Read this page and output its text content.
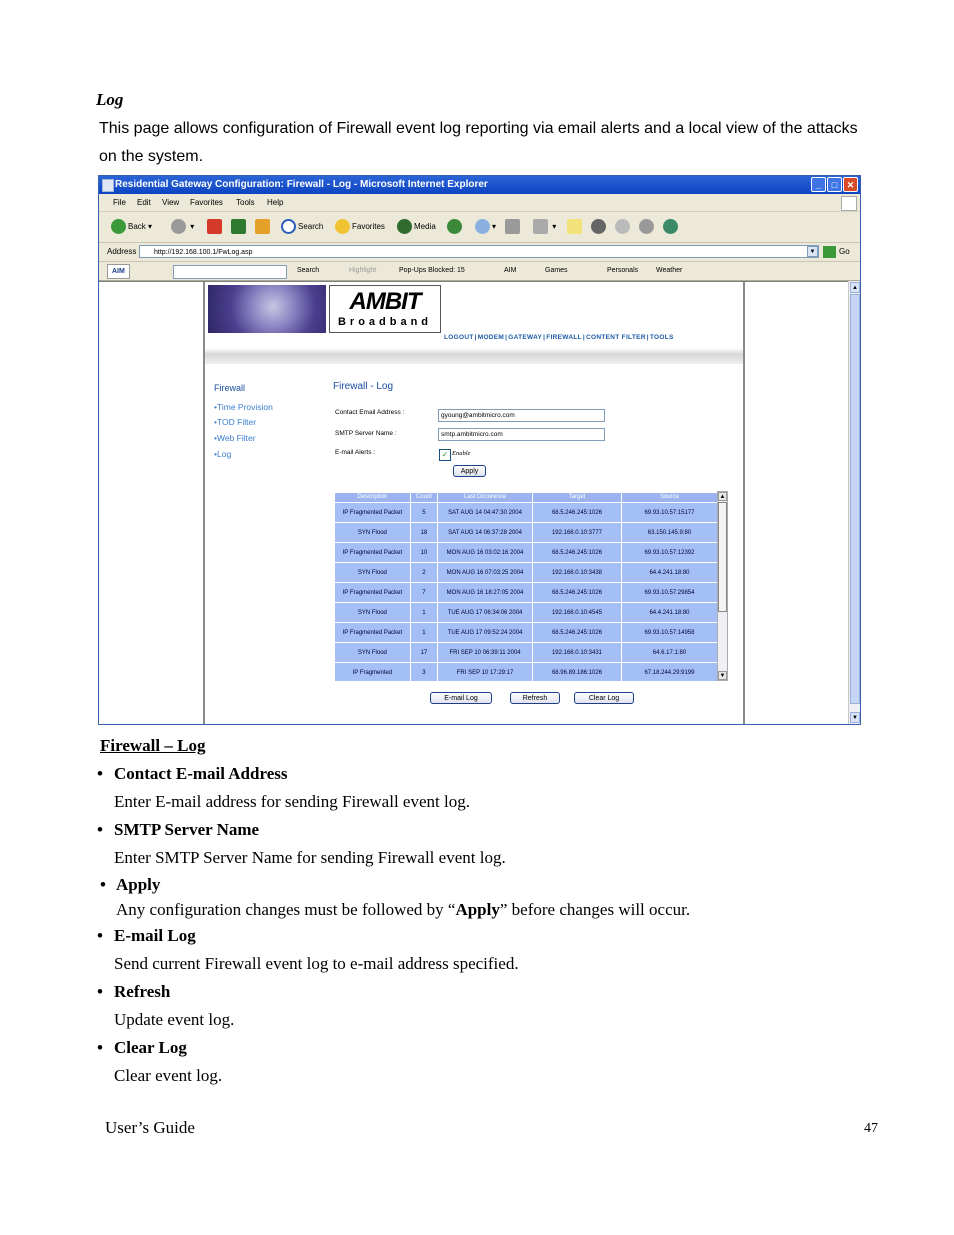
Log
This page allows configuration of Firewall event log reporting via email alerts and a local view of the attacks on the system.
Residential Gateway Configuration: Firewall - Log - Microsoft Internet Explorer	_	□	✕
File Edit View Favorites Tools Help
Back ▾	▾	Search	Favorites	Media	▾	▾
Address	http://192.168.100.1/FwLog.asp	▼	Go
AIM	Search	Highlight	Pop-Ups Blocked: 15	AIM	Games	Personals	Weather
AMBIT
Broadband
LOGOUT|MODEM|GATEWAY|FIREWALL|CONTENT FILTER|TOOLS
Firewall
•Time Provision
•TOD Filter
•Web Filter
•Log
Firewall - Log
Contact Email Address :	gyoung@ambitmicro.com
SMTP Server Name :	smtp.ambitmicro.com
E-mail Alerts :	✓ Enable
Apply
Description	Count	Last Occurence	Target	Source
IP Fragmented Packet	5	SAT AUG 14 04:47:30 2004	68.5.246.245:1026	69.93.10.57:15177
SYN Flood	18	SAT AUG 14 06:37:28 2004	192.168.0.10:3777	63.150.145.9:80
IP Fragmented Packet	10	MON AUG 16 03:02:16 2004	68.5.246.245:1026	69.93.10.57:12392
SYN Flood	2	MON AUG 16 07:03:25 2004	192.168.0.10:3438	64.4.241.18:80
IP Fragmented Packet	7	MON AUG 16 18:27:05 2004	68.5.246.245:1026	69.93.10.57:29854
SYN Flood	1	TUE AUG 17 06:34:06 2004	192.168.0.10:4545	64.4.241.18:80
IP Fragmented Packet	1	TUE AUG 17 09:52:24 2004	68.5.246.245:1026	69.93.10.57:14958
SYN Flood	17	FRI SEP 10 06:39:11 2004	192.168.0.10:3431	64.6.17.1:80
IP Fragmented	3	FRI SEP 10 17:29:17	68.96.89.186:1026	67.18.244.29:9199
▲
▼
E-mail Log	Refresh	Clear Log
▲
▼
Firewall – Log
• Contact E-mail Address
Enter E-mail address for sending Firewall event log.
• SMTP Server Name
Enter SMTP Server Name for sending Firewall event log.
• Apply
Any configuration changes must be followed by “Apply” before changes will occur.
• E-mail Log
Send current Firewall event log to e-mail address specified.
• Refresh
Update event log.
• Clear Log
Clear event log.
User’s Guide	47
